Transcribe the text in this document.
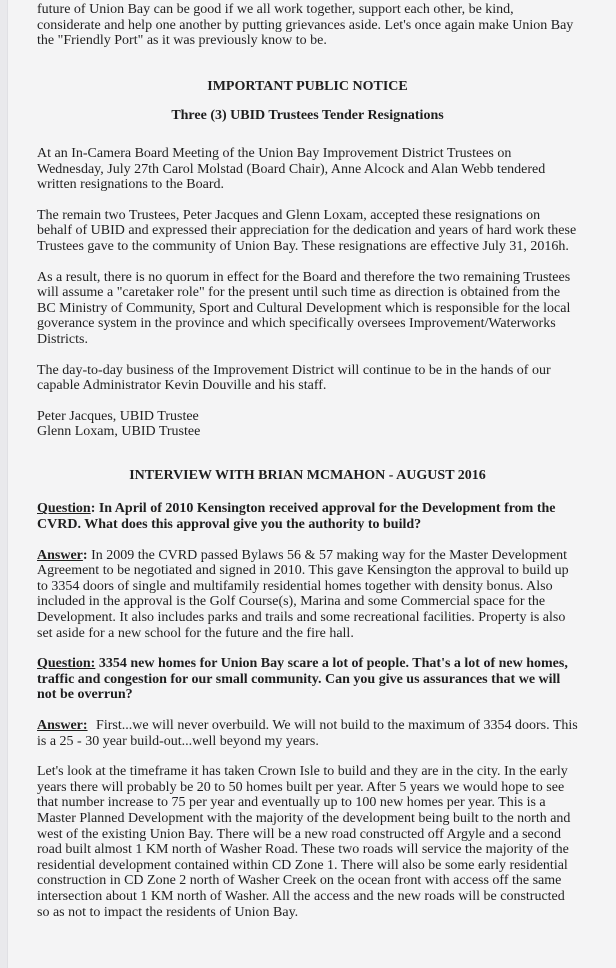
future of Union Bay can be good if we all work together, support each other, be kind, considerate and help one another by putting grievances aside. Let's once again make Union Bay the "Friendly Port" as it was previously know to be.

IMPORTANT PUBLIC NOTICE

Three (3) UBID Trustees Tender Resignations

At an In-Camera Board Meeting of the Union Bay Improvement District Trustees on Wednesday, July 27th Carol Molstad (Board Chair), Anne Alcock and Alan Webb tendered written resignations to the Board.

The remain two Trustees, Peter Jacques and Glenn Loxam, accepted these resignations on behalf of UBID and expressed their appreciation for the dedication and years of hard work these Trustees gave to the community of Union Bay. These resignations are effective July 31, 2016h.

As a result, there is no quorum in effect for the Board and therefore the two remaining Trustees will assume a "caretaker role" for the present until such time as direction is obtained from the BC Ministry of Community, Sport and Cultural Development which is responsible for the local goverance system in the province and which specifically oversees Improvement/Waterworks Districts.

The day-to-day business of the Improvement District will continue to be in the hands of our capable Administrator Kevin Douville and his staff.

Peter Jacques, UBID Trustee
Glenn Loxam, UBID Trustee

INTERVIEW WITH BRIAN MCMAHON - AUGUST 2016

Question: In April of 2010 Kensington received approval for the Development from the CVRD. What does this approval give you the authority to build?

Answer: In 2009 the CVRD passed Bylaws 56 & 57 making way for the Master Development Agreement to be negotiated and signed in 2010. This gave Kensington the approval to build up to 3354 doors of single and multifamily residential homes together with density bonus. Also included in the approval is the Golf Course(s), Marina and some Commercial space for the Development. It also includes parks and trails and some recreational facilities. Property is also set aside for a new school for the future and the fire hall.

Question: 3354 new homes for Union Bay scare a lot of people. That's a lot of new homes, traffic and congestion for our small community. Can you give us assurances that we will not be overrun?

Answer: First...we will never overbuild. We will not build to the maximum of 3354 doors. This is a 25 - 30 year build-out...well beyond my years.

Let's look at the timeframe it has taken Crown Isle to build and they are in the city. In the early years there will probably be 20 to 50 homes built per year. After 5 years we would hope to see that number increase to 75 per year and eventually up to 100 new homes per year. This is a Master Planned Development with the majority of the development being built to the north and west of the existing Union Bay. There will be a new road constructed off Argyle and a second road built almost 1 KM north of Washer Road. These two roads will service the majority of the residential development contained within CD Zone 1. There will also be some early residential construction in CD Zone 2 north of Washer Creek on the ocean front with access off the same intersection about 1 KM north of Washer. All the access and the new roads will be constructed so as not to impact the residents of Union Bay.
